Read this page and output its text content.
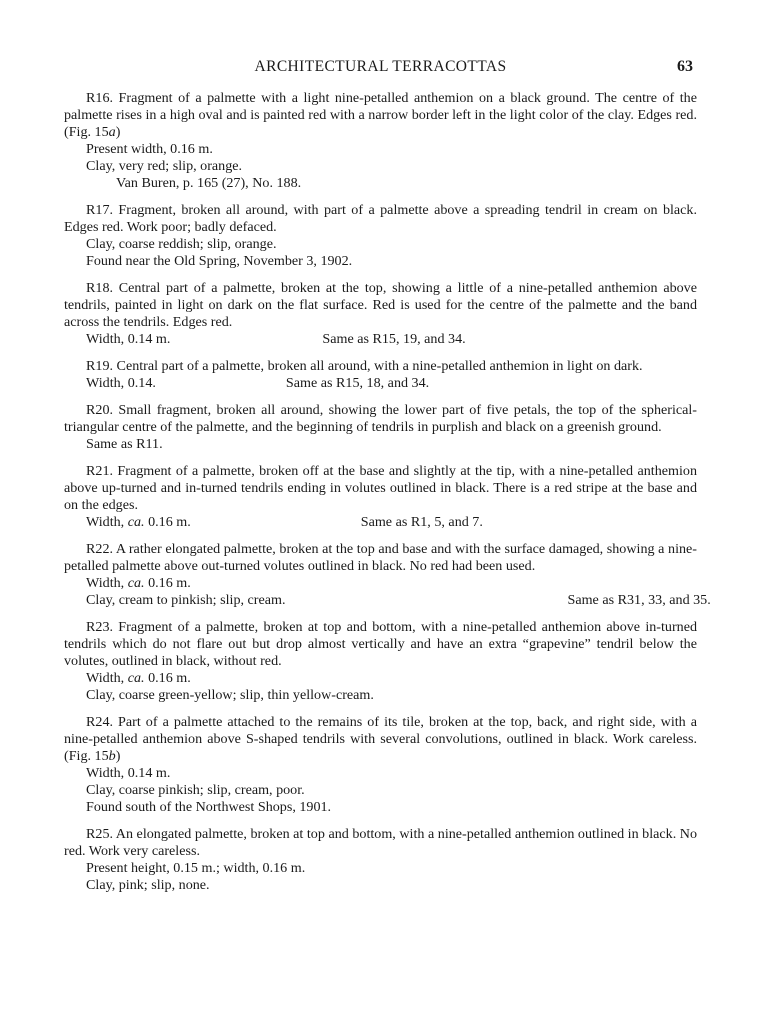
ARCHITECTURAL TERRACOTTAS	63
R16. Fragment of a palmette with a light nine-petalled anthemion on a black ground. The centre of the palmette rises in a high oval and is painted red with a narrow border left in the light color of the clay. Edges red. (Fig. 15a)
Present width, 0.16 m.
Clay, very red; slip, orange.
Van Buren, p. 165 (27), No. 188.
R17. Fragment, broken all around, with part of a palmette above a spreading tendril in cream on black. Edges red. Work poor; badly defaced.
Clay, coarse reddish; slip, orange.
Found near the Old Spring, November 3, 1902.
R18. Central part of a palmette, broken at the top, showing a little of a nine-petalled anthemion above tendrils, painted in light on dark on the flat surface. Red is used for the centre of the palmette and the band across the tendrils. Edges red.
Width, 0.14 m.	Same as R15, 19, and 34.
R19. Central part of a palmette, broken all around, with a nine-petalled anthemion in light on dark.
Width, 0.14.	Same as R15, 18, and 34.
R20. Small fragment, broken all around, showing the lower part of five petals, the top of the spherical-triangular centre of the palmette, and the beginning of tendrils in purplish and black on a greenish ground.
Same as R11.
R21. Fragment of a palmette, broken off at the base and slightly at the tip, with a nine-petalled anthemion above up-turned and in-turned tendrils ending in volutes outlined in black. There is a red stripe at the base and on the edges.
Width, ca. 0.16 m.	Same as R1, 5, and 7.
R22. A rather elongated palmette, broken at the top and base and with the surface damaged, showing a nine-petalled palmette above out-turned volutes outlined in black. No red had been used.
Width, ca. 0.16 m.
Clay, cream to pinkish; slip, cream.	Same as R31, 33, and 35.
R23. Fragment of a palmette, broken at top and bottom, with a nine-petalled anthemion above in-turned tendrils which do not flare out but drop almost vertically and have an extra “grapevine” tendril below the volutes, outlined in black, without red.
Width, ca. 0.16 m.
Clay, coarse green-yellow; slip, thin yellow-cream.
R24. Part of a palmette attached to the remains of its tile, broken at the top, back, and right side, with a nine-petalled anthemion above S-shaped tendrils with several convolutions, outlined in black. Work careless. (Fig. 15b)
Width, 0.14 m.
Clay, coarse pinkish; slip, cream, poor.
Found south of the Northwest Shops, 1901.
R25. An elongated palmette, broken at top and bottom, with a nine-petalled anthemion outlined in black. No red. Work very careless.
Present height, 0.15 m.; width, 0.16 m.
Clay, pink; slip, none.
